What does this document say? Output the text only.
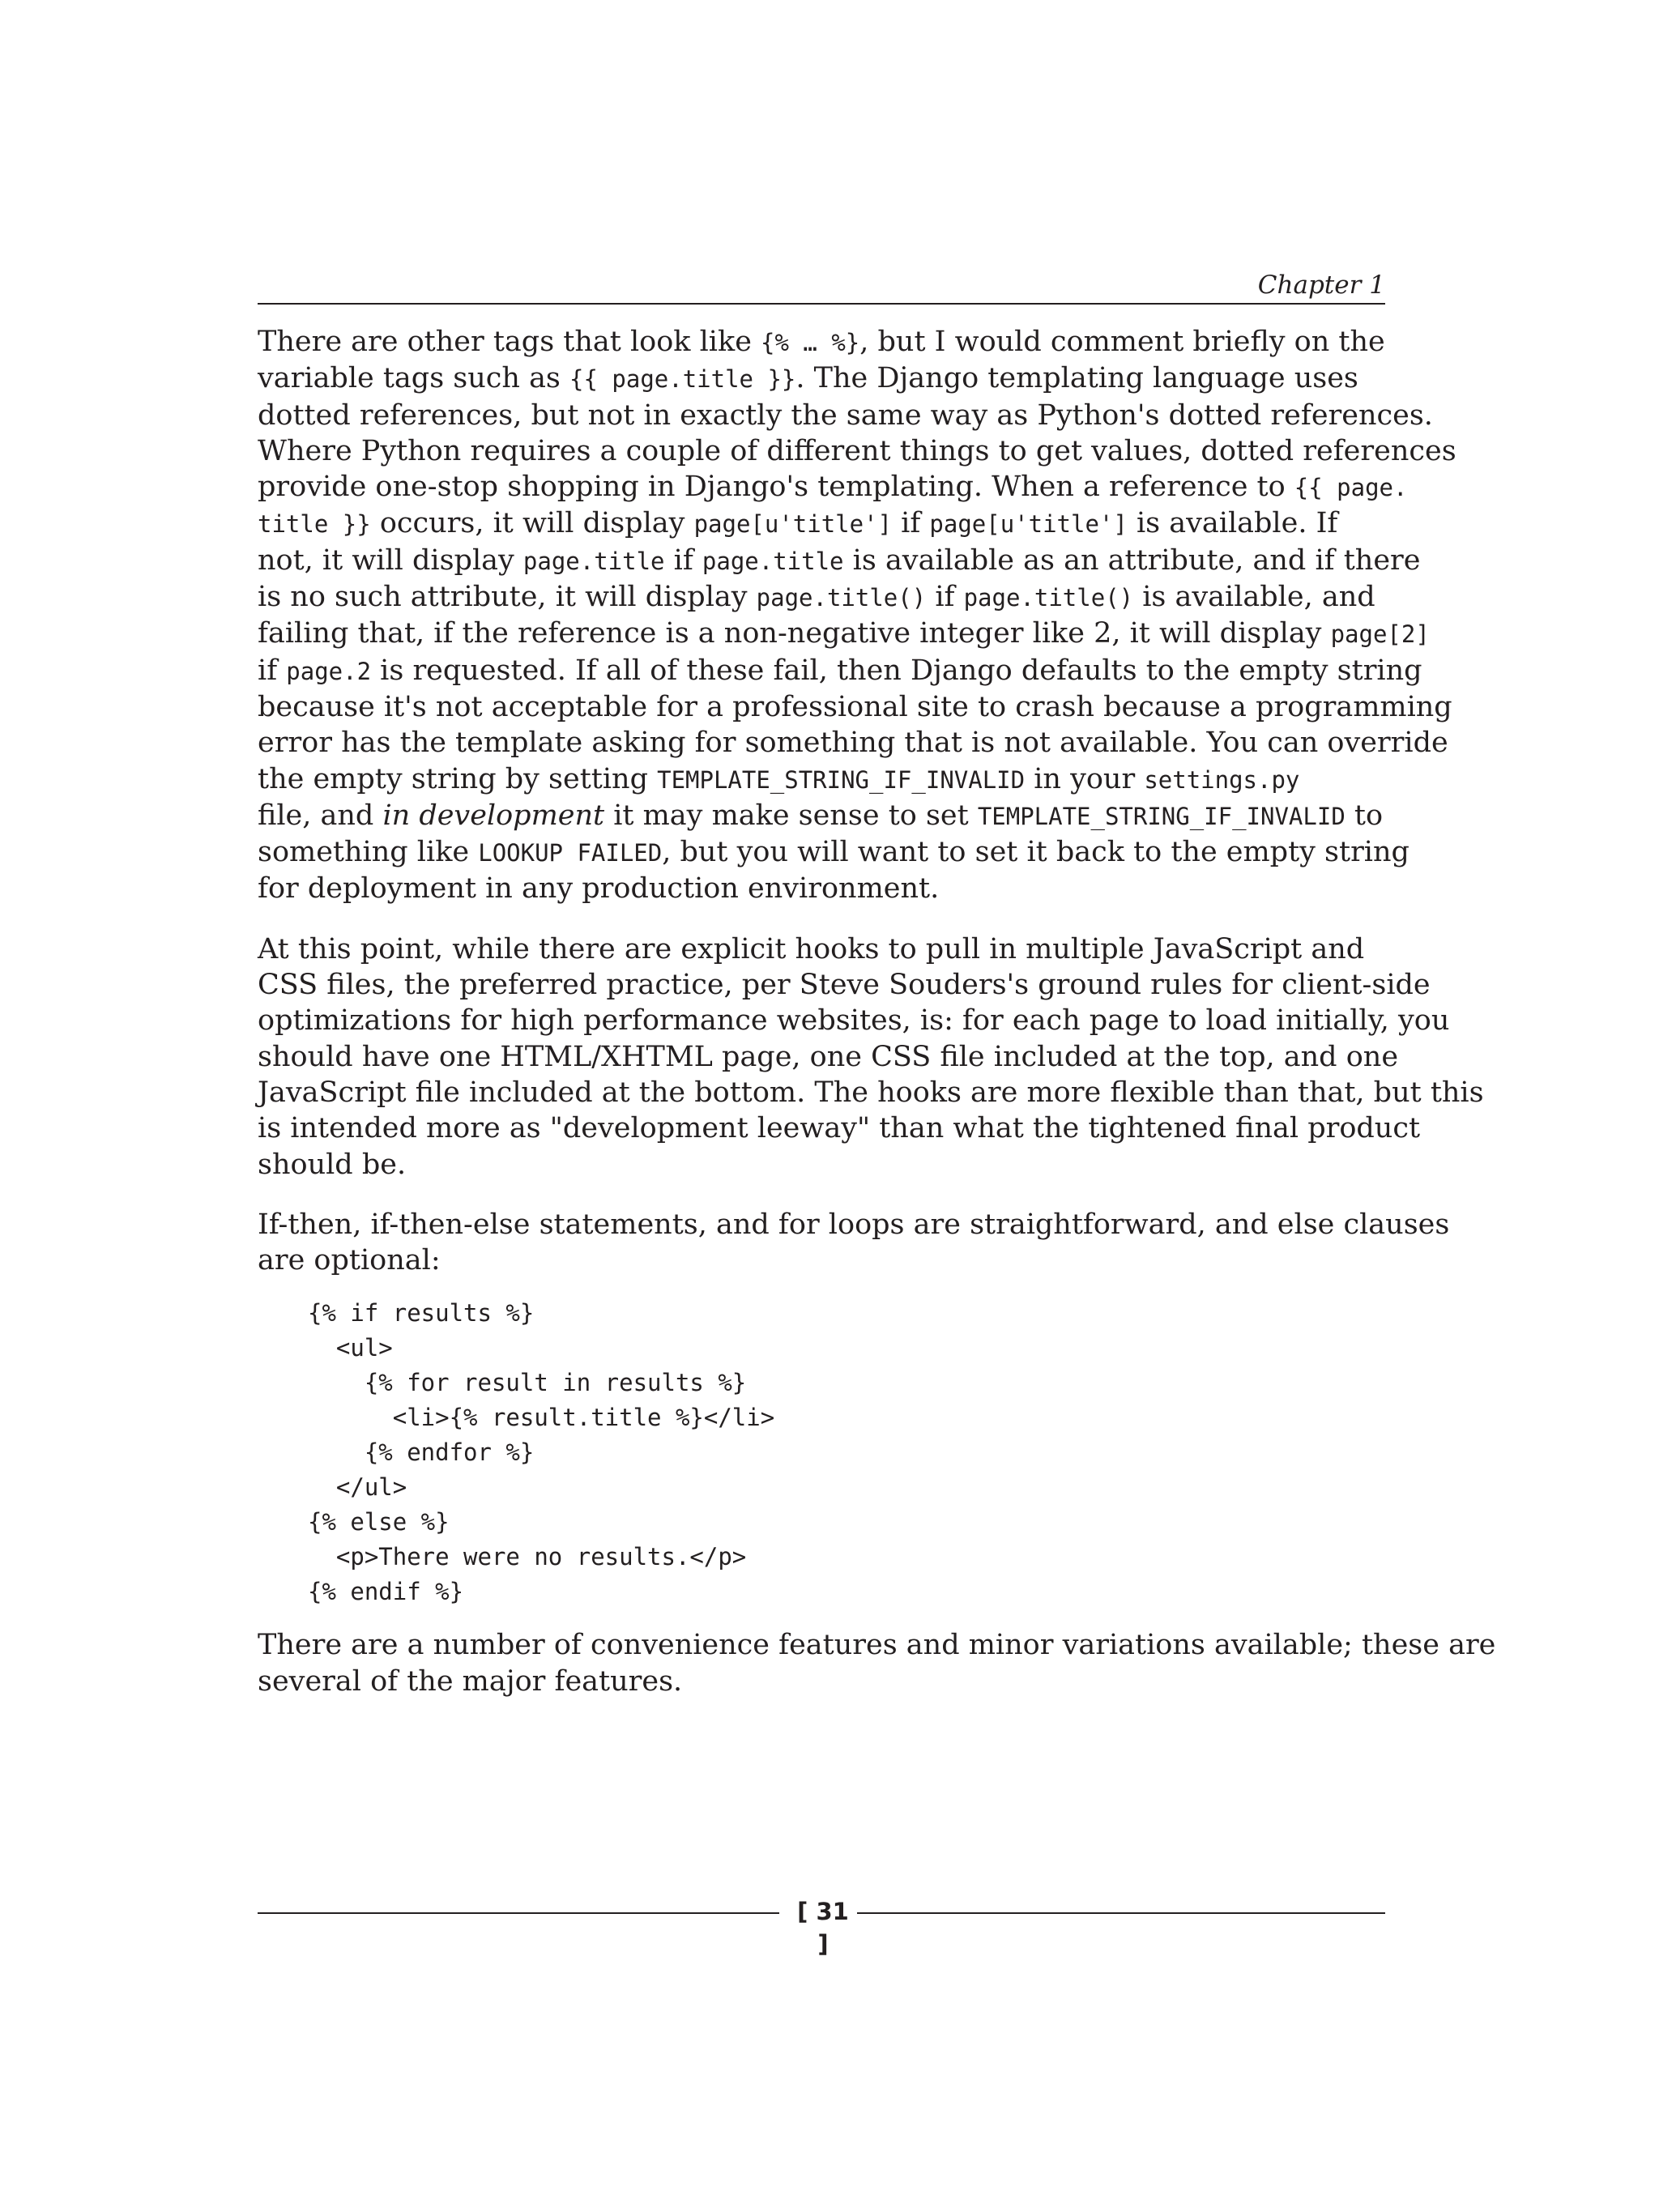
Chapter 1

There are other tags that look like {% … %}, but I would comment briefly on the

variable tags such as {{ page.title }}. The Django templating language uses

dotted references, but not in exactly the same way as Python's dotted references.

Where Python requires a couple of different things to get values, dotted references

provide one-stop shopping in Django's templating. When a reference to {{ page.

title }} occurs, it will display page[u'title'] if page[u'title'] is available. If

not, it will display page.title if page.title is available as an attribute, and if there

is no such attribute, it will display page.title() if page.title() is available, and

failing that, if the reference is a non-negative integer like 2, it will display page[2]

if page.2 is requested. If all of these fail, then Django defaults to the empty string

because it's not acceptable for a professional site to crash because a programming

error has the template asking for something that is not available. You can override

the empty string by setting TEMPLATE_STRING_IF_INVALID in your settings.py

file, and in development it may make sense to set TEMPLATE_STRING_IF_INVALID to

something like LOOKUP FAILED, but you will want to set it back to the empty string

for deployment in any production environment.

At this point, while there are explicit hooks to pull in multiple JavaScript and

CSS files, the preferred practice, per Steve Souders's ground rules for client-side

optimizations for high performance websites, is: for each page to load initially, you

should have one HTML/XHTML page, one CSS file included at the top, and one

JavaScript file included at the bottom. The hooks are more flexible than that, but this

is intended more as "development leeway" than what the tightened final product

should be.

If-then, if-then-else statements, and for loops are straightforward, and else clauses

are optional:

{% if results %}
<ul>
{% for result in results %}
<li>{% result.title %}</li>
{% endfor %}
</ul>
{% else %}
<p>There were no results.</p>
{% endif %}

There are a number of convenience features and minor variations available; these are

several of the major features.

[ 31 ]
